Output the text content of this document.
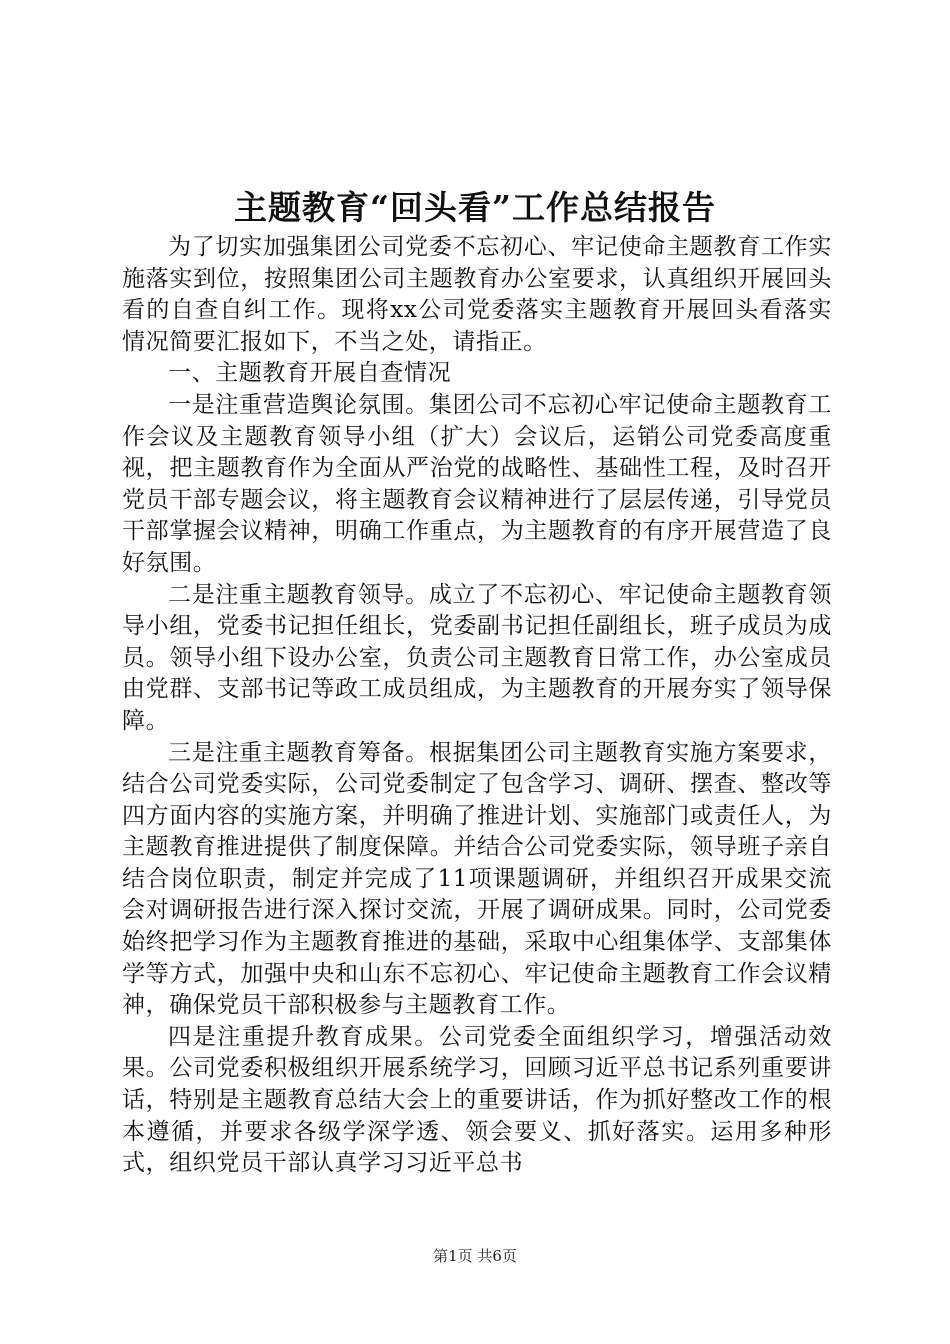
主题教育“回头看”工作总结报告

为了切实加强集团公司党委不忘初心、牢记使命主题教育工作实施落实到位，按照集团公司主题教育办公室要求，认真组织开展回头看的自查自纠工作。现将xx公司党委落实主题教育开展回头看落实情况简要汇报如下，不当之处，请指正。

一、主题教育开展自查情况

一是注重营造舆论氛围。集团公司不忘初心牢记使命主题教育工作会议及主题教育领导小组（扩大）会议后，运销公司党委高度重视，把主题教育作为全面从严治党的战略性、基础性工程，及时召开党员干部专题会议，将主题教育会议精神进行了层层传递，引导党员干部掌握会议精神，明确工作重点，为主题教育的有序开展营造了良好氛围。

二是注重主题教育领导。成立了不忘初心、牢记使命主题教育领导小组，党委书记担任组长，党委副书记担任副组长，班子成员为成员。领导小组下设办公室，负责公司主题教育日常工作，办公室成员由党群、支部书记等政工成员组成，为主题教育的开展夯实了领导保障。

三是注重主题教育筹备。根据集团公司主题教育实施方案要求，结合公司党委实际，公司党委制定了包含学习、调研、摆查、整改等四方面内容的实施方案，并明确了推进计划、实施部门或责任人，为主题教育推进提供了制度保障。并结合公司党委实际，领导班子亲自结合岗位职责，制定并完成了11项课题调研，并组织召开成果交流会对调研报告进行深入探讨交流，开展了调研成果。同时，公司党委始终把学习作为主题教育推进的基础，采取中心组集体学、支部集体学等方式，加强中央和山东不忘初心、牢记使命主题教育工作会议精神，确保党员干部积极参与主题教育工作。

四是注重提升教育成果。公司党委全面组织学习，增强活动效果。公司党委积极组织开展系统学习，回顾习近平总书记系列重要讲话，特别是主题教育总结大会上的重要讲话，作为抓好整改工作的根本遵循，并要求各级学深学透、领会要义、抓好落实。运用多种形式，组织党员干部认真学习习近平总书

第1页 共6页
